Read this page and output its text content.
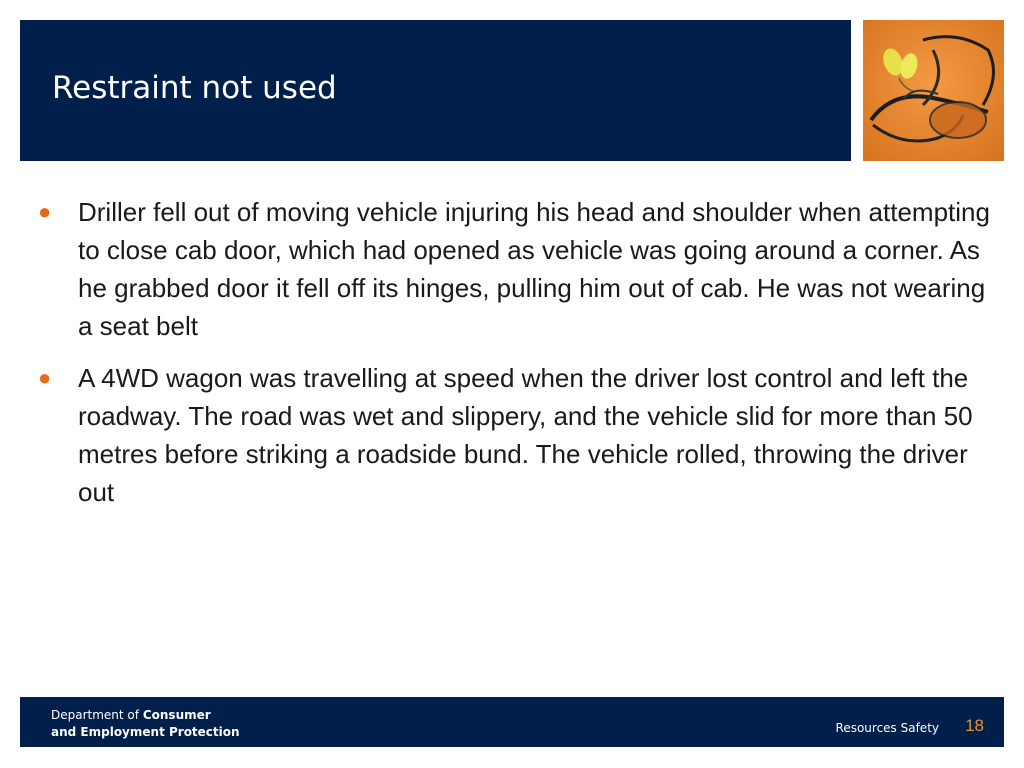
Restraint not used
● Driller fell out of moving vehicle injuring his head and shoulder when attempting to close cab door, which had opened as vehicle was going around a corner. As he grabbed door it fell off its hinges, pulling him out of cab. He was not wearing a seat belt
● A 4WD wagon was travelling at speed when the driver lost control and left the roadway. The road was wet and slippery, and the vehicle slid for more than 50 metres before striking a roadside bund. The vehicle rolled, throwing the driver out
Department of Consumer
and Employment Protection	Resources Safety 18
